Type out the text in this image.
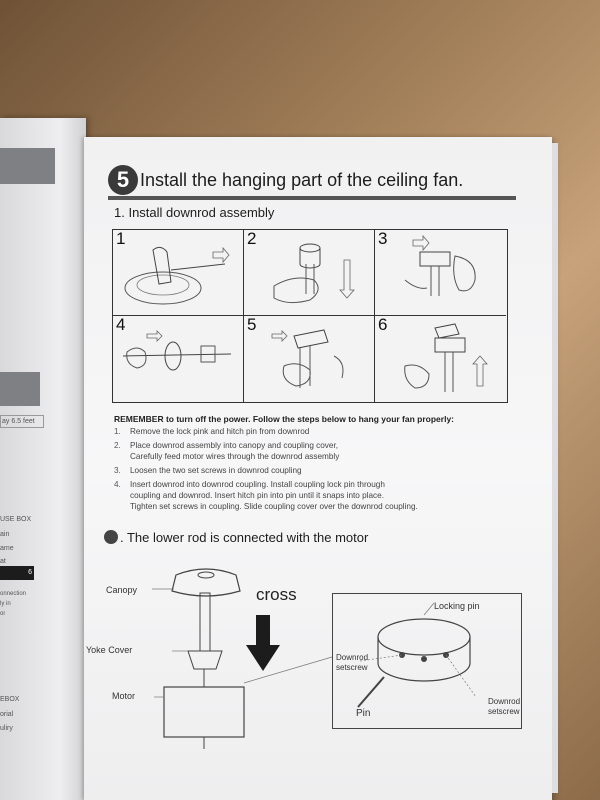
ay 6.5 feet
USE BOX
ain
ame
at
6
onnection
ly in
or
EBOX
orial
uliry
5 Install the hanging part of the ceiling fan.
1. Install downrod assembly
1	2	3
4	5	6
REMEMBER to turn off the power. Follow the steps below to hang your fan properly:
1. Remove the lock pink and hitch pin from downrod
2. Place downrod assembly into canopy and coupling cover,
Carefully feed motor wires through the downrod assembly
3. Loosen the two set screws in downrod coupling
4. Insert downrod into downrod coupling. Install coupling lock pin through
coupling and downrod. Insert hitch pin into pin until it snaps into place.
Tighten set screws in coupling. Slide coupling cover over the downrod coupling.
. The lower rod is connected with the motor
cross
Canopy
Yoke Cover
Motor
Locking pin
Downrod
setscrew
Downrod
setscrew
Pin
